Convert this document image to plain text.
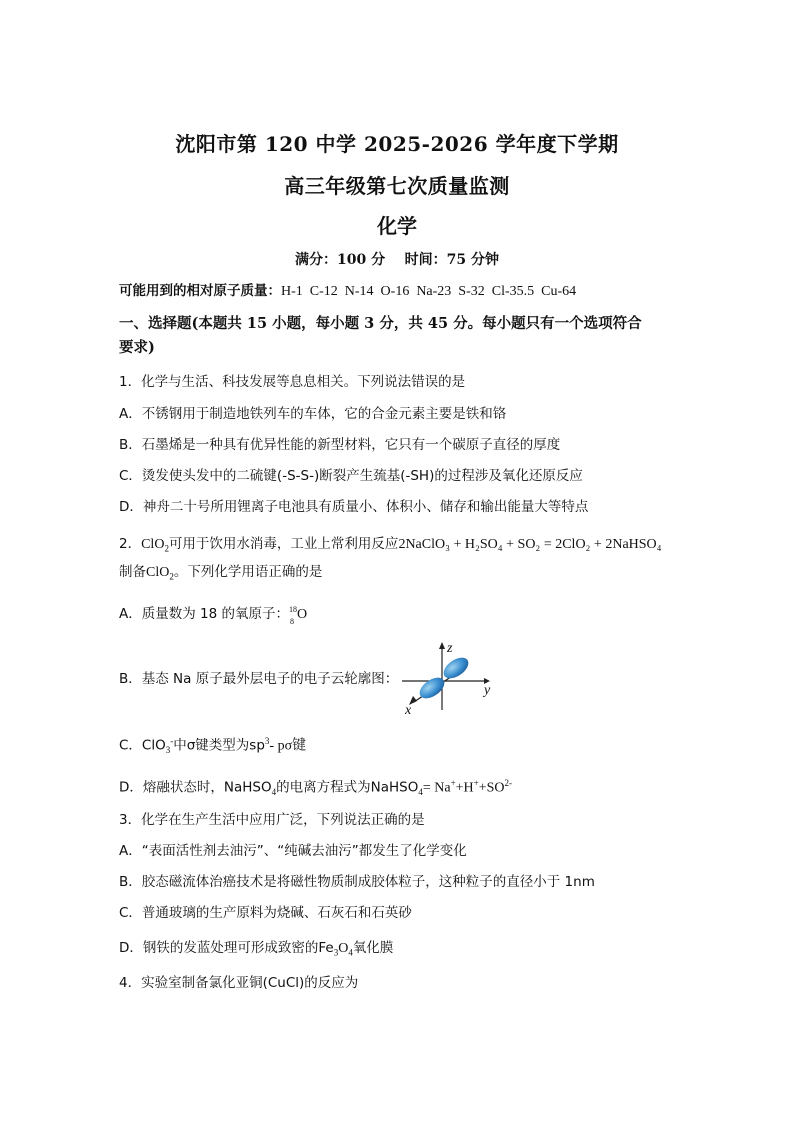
沈阳市第 120 中学 2025-2026 学年度下学期
高三年级第七次质量监测
化学
满分：100 分    时间：75 分钟
可能用到的相对原子质量：H-1  C-12  N-14  O-16  Na-23  S-32  Cl-35.5  Cu-64
一、选择题(本题共 15 小题，每小题 3 分，共 45 分。每小题只有一个选项符合
要求)
1．化学与生活、科技发展等息息相关。下列说法错误的是
A．不锈钢用于制造地铁列车的车体，它的合金元素主要是铁和铬
B．石墨烯是一种具有优异性能的新型材料，它只有一个碳原子直径的厚度
C．烫发使头发中的二硫键(-S-S-)断裂产生巯基(-SH)的过程涉及氧化还原反应
D．神舟二十号所用锂离子电池具有质量小、体积小、储存和输出能量大等特点
2．ClO$_2$可用于饮用水消毒，工业上常利用反应2NaClO₃ + H₂SO₄ + SO₂ = 2ClO₂ + 2NaHSO₄
制备ClO$_2$。下列化学用语正确的是
A．质量数为 18 的氧原子： 18
8 O
B．基态 Na 原子最外层电子的电子云轮廓图：
z
y
x
C．ClO$_3$-中σ键类型为$sp^3-$ pσ键
D．熔融状态时，NaHSO$_4$的电离方程式为NaHSO$_4$= $Na^++H^++SO^{2-}$
3．化学在生产生活中应用广泛，下列说法正确的是
A．“表面活性剂去油污”、“纯碱去油污”都发生了化学变化
B．胶态磁流体治癌技术是将磁性物质制成胶体粒子，这种粒子的直径小于 1nm
C．普通玻璃的生产原料为烧碱、石灰石和石英砂
D．钢铁的发蓝处理可形成致密的$Fe_3O_4$氧化膜
4．实验室制备氯化亚铜(CuCl)的反应为
